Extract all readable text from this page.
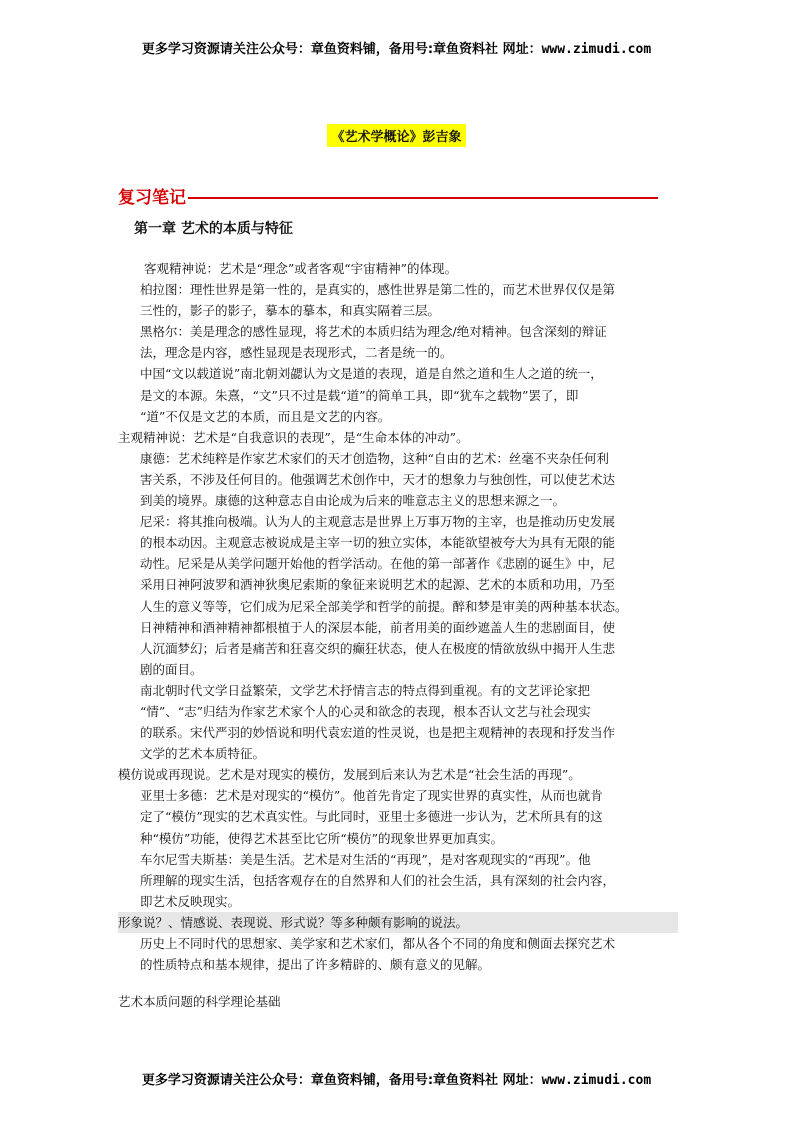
更多学习资源请关注公众号：章鱼资料铺，备用号:章鱼资料社 网址：www.zimudi.com
《艺术学概论》彭吉象
复习笔记
第一章 艺术的本质与特征
客观精神说：艺术是“理念”或者客观“宇宙精神”的体现。
柏拉图：理性世界是第一性的，是真实的，感性世界是第二性的，而艺术世界仅仅是第
三性的，影子的影子，摹本的摹本，和真实隔着三层。
黑格尔：美是理念的感性显现，将艺术的本质归结为理念/绝对精神。包含深刻的辩证
法，理念是内容，感性显现是表现形式，二者是统一的。
中国“文以载道说”南北朝刘勰认为文是道的表现，道是自然之道和生人之道的统一，
是文的本源。朱熹，“文”只不过是载“道”的简单工具，即“犹车之载物”罢了，即
“道”不仅是文艺的本质，而且是文艺的内容。
主观精神说：艺术是“自我意识的表现”，是“生命本体的冲动”。
康德：艺术纯粹是作家艺术家们的天才创造物，这种“自由的艺术：丝毫不夹杂任何利
害关系，不涉及任何目的。他强调艺术创作中，天才的想象力与独创性，可以使艺术达
到美的境界。康德的这种意志自由论成为后来的唯意志主义的思想来源之一。
尼采：将其推向极端。认为人的主观意志是世界上万事万物的主宰，也是推动历史发展
的根本动因。主观意志被说成是主宰一切的独立实体，本能欲望被夸大为具有无限的能
动性。尼采是从美学问题开始他的哲学活动。在他的第一部著作《悲剧的诞生》中，尼
采用日神阿波罗和酒神狄奥尼索斯的象征来说明艺术的起源、艺术的本质和功用，乃至
人生的意义等等，它们成为尼采全部美学和哲学的前提。醉和梦是审美的两种基本状态。
日神精神和酒神精神都根植于人的深层本能，前者用美的面纱遮盖人生的悲剧面目，使
人沉湎梦幻；后者是痛苦和狂喜交织的癫狂状态，使人在极度的情欲放纵中揭开人生悲
剧的面目。
南北朝时代文学日益繁荣，文学艺术抒情言志的特点得到重视。有的文艺评论家把
“情”、“志”归结为作家艺术家个人的心灵和欲念的表现，根本否认文艺与社会现实
的联系。宋代严羽的妙悟说和明代袁宏道的性灵说，也是把主观精神的表现和抒发当作
文学的艺术本质特征。
模仿说或再现说。艺术是对现实的模仿，发展到后来认为艺术是“社会生活的再现”。
亚里士多德：艺术是对现实的“模仿”。他首先肯定了现实世界的真实性，从而也就肯
定了“模仿”现实的艺术真实性。与此同时，亚里士多德进一步认为，艺术所具有的这
种“模仿”功能，使得艺术甚至比它所“模仿”的现象世界更加真实。
车尔尼雪夫斯基：美是生活。艺术是对生活的“再现”，是对客观现实的“再现”。他
所理解的现实生活，包括客观存在的自然界和人们的社会生活，具有深刻的社会内容，
即艺术反映现实。
形象说？、情感说、表现说、形式说？等多种颇有影响的说法。
历史上不同时代的思想家、美学家和艺术家们，都从各个不同的角度和侧面去探究艺术
的性质特点和基本规律，提出了许多精辟的、颇有意义的见解。
艺术本质问题的科学理论基础
更多学习资源请关注公众号：章鱼资料铺，备用号:章鱼资料社 网址：www.zimudi.com
